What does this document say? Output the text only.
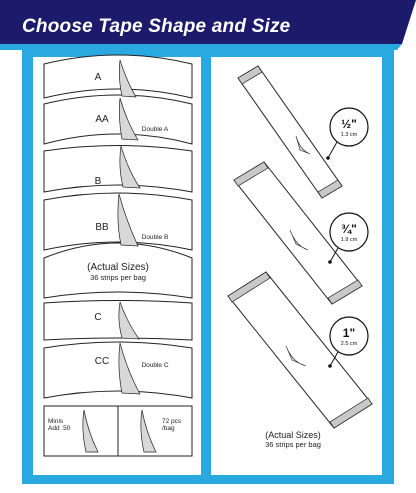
Choose Tape Shape and Size
A
AA
Double A
B
BB
Double B
(Actual Sizes)
36 strips per bag
C
CC	Double C
Minis
Add .50
72 pcs
/bag
½"
1.3 cm
¾"
1.9 cm
1"
2.5 cm
(Actual Sizes)
36 strips per bag
